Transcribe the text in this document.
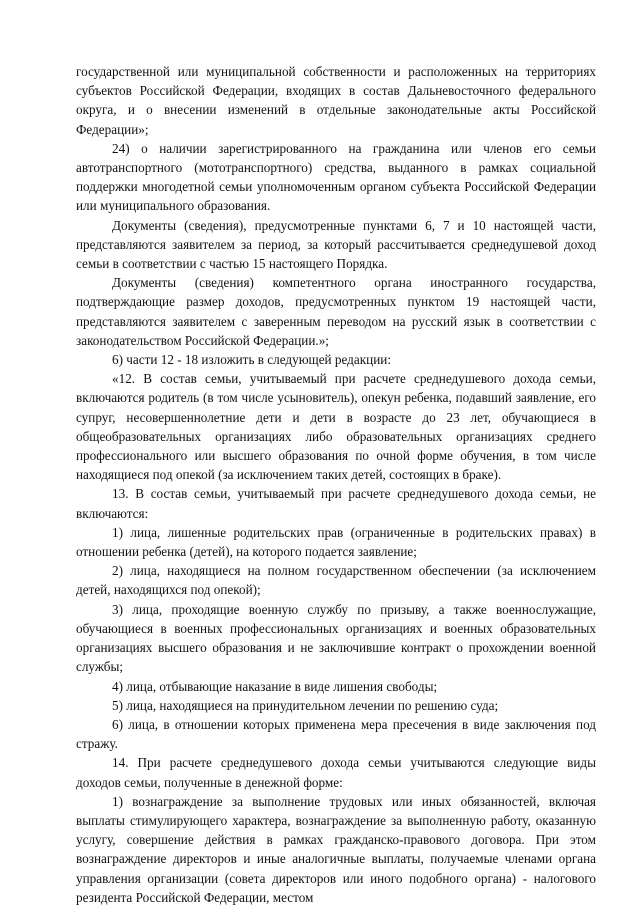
государственной или муниципальной собственности и расположенных на территориях субъектов Российской Федерации, входящих в состав Дальневосточного федерального округа, и о внесении изменений в отдельные законодательные акты Российской Федерации»;

24) о наличии зарегистрированного на гражданина или членов его семьи автотранспортного (мототранспортного) средства, выданного в рамках социальной поддержки многодетной семьи уполномоченным органом субъекта Российской Федерации или муниципального образования.

Документы (сведения), предусмотренные пунктами 6, 7 и 10 настоящей части, представляются заявителем за период, за который рассчитывается среднедушевой доход семьи в соответствии с частью 15 настоящего Порядка.

Документы (сведения) компетентного органа иностранного государства, подтверждающие размер доходов, предусмотренных пунктом 19 настоящей части, представляются заявителем с заверенным переводом на русский язык в соответствии с законодательством Российской Федерации.»;

6) части 12 - 18 изложить в следующей редакции:

«12. В состав семьи, учитываемый при расчете среднедушевого дохода семьи, включаются родитель (в том числе усыновитель), опекун ребенка, подавший заявление, его супруг, несовершеннолетние дети и дети в возрасте до 23 лет, обучающиеся в общеобразовательных организациях либо образовательных организациях среднего профессионального или высшего образования по очной форме обучения, в том числе находящиеся под опекой (за исключением таких детей, состоящих в браке).

13. В состав семьи, учитываемый при расчете среднедушевого дохода семьи, не включаются:

1) лица, лишенные родительских прав (ограниченные в родительских правах) в отношении ребенка (детей), на которого подается заявление;

2) лица, находящиеся на полном государственном обеспечении (за исключением детей, находящихся под опекой);

3) лица, проходящие военную службу по призыву, а также военнослужащие, обучающиеся в военных профессиональных организациях и военных образовательных организациях высшего образования и не заключившие контракт о прохождении военной службы;

4) лица, отбывающие наказание в виде лишения свободы;

5) лица, находящиеся на принудительном лечении по решению суда;

6) лица, в отношении которых применена мера пресечения в виде заключения под стражу.

14. При расчете среднедушевого дохода семьи учитываются следующие виды доходов семьи, полученные в денежной форме:

1) вознаграждение за выполнение трудовых или иных обязанностей, включая выплаты стимулирующего характера, вознаграждение за выполненную работу, оказанную услугу, совершение действия в рамках гражданско-правового договора. При этом вознаграждение директоров и иные аналогичные выплаты, получаемые членами органа управления организации (совета директоров или иного подобного органа) - налогового резидента Российской Федерации, местом
